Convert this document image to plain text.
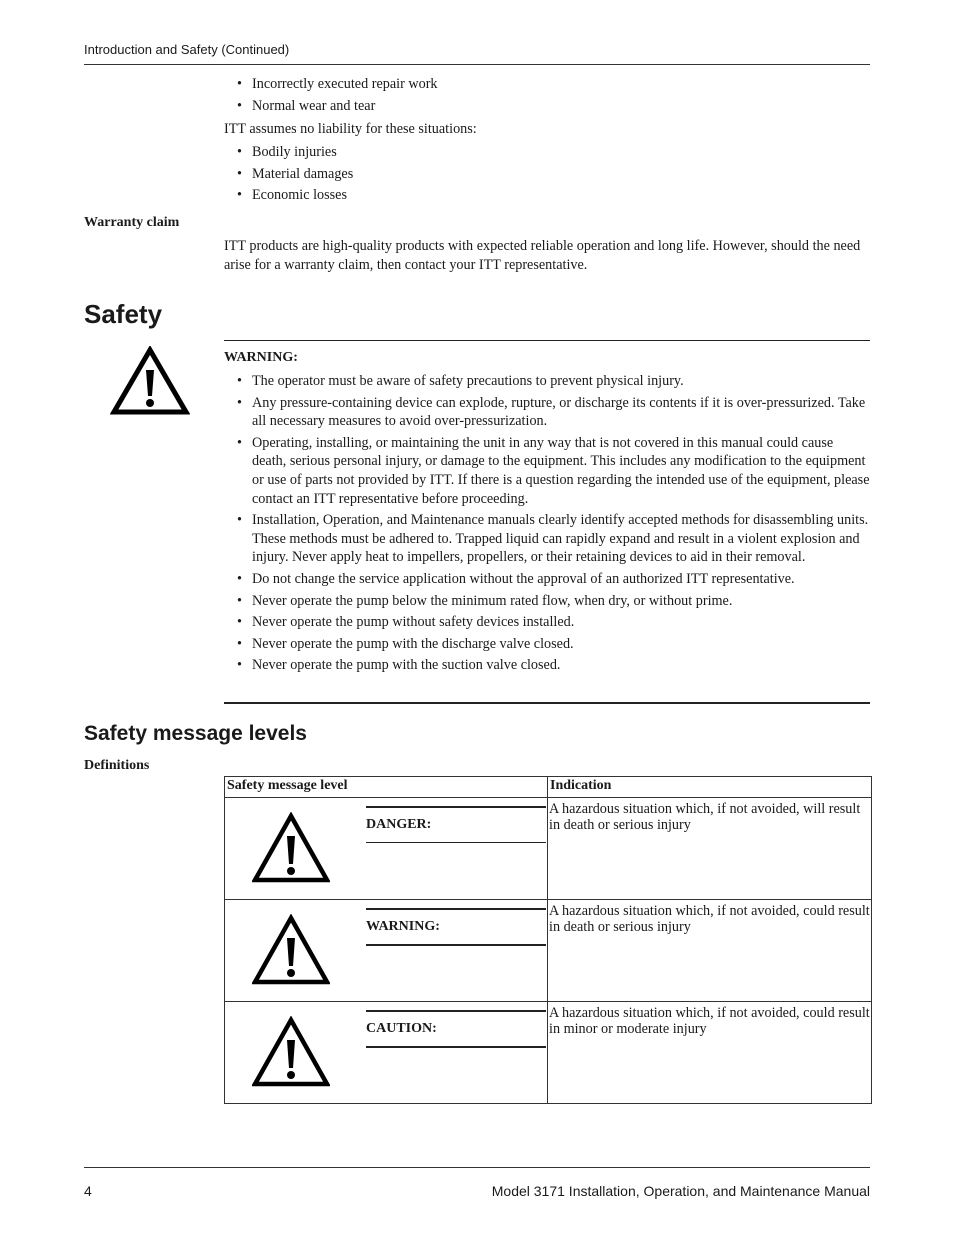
Introduction and Safety (Continued)
• Incorrectly executed repair work
• Normal wear and tear
ITT assumes no liability for these situations:
• Bodily injuries
• Material damages
• Economic losses
Warranty claim
ITT products are high-quality products with expected reliable operation and long life. However, should the need arise for a warranty claim, then contact your ITT representative.
Safety
WARNING:
• The operator must be aware of safety precautions to prevent physical injury.
• Any pressure-containing device can explode, rupture, or discharge its contents if it is over-pressurized. Take all necessary measures to avoid over-pressurization.
• Operating, installing, or maintaining the unit in any way that is not covered in this manual could cause death, serious personal injury, or damage to the equipment. This includes any modification to the equipment or use of parts not provided by ITT. If there is a question regarding the intended use of the equipment, please contact an ITT representative before proceeding.
• Installation, Operation, and Maintenance manuals clearly identify accepted methods for disassembling units. These methods must be adhered to. Trapped liquid can rapidly expand and result in a violent explosion and injury. Never apply heat to impellers, propellers, or their retaining devices to aid in their removal.
• Do not change the service application without the approval of an authorized ITT representative.
• Never operate the pump below the minimum rated flow, when dry, or without prime.
• Never operate the pump without safety devices installed.
• Never operate the pump with the discharge valve closed.
• Never operate the pump with the suction valve closed.
Safety message levels
Definitions
Safety message level	Indication

DANGER:	A hazardous situation which, if not avoided, will result in death or serious injury

WARNING:	A hazardous situation which, if not avoided, could result in death or serious injury

CAUTION:	A hazardous situation which, if not avoided, could result in minor or moderate injury
4	Model 3171 Installation, Operation, and Maintenance Manual
